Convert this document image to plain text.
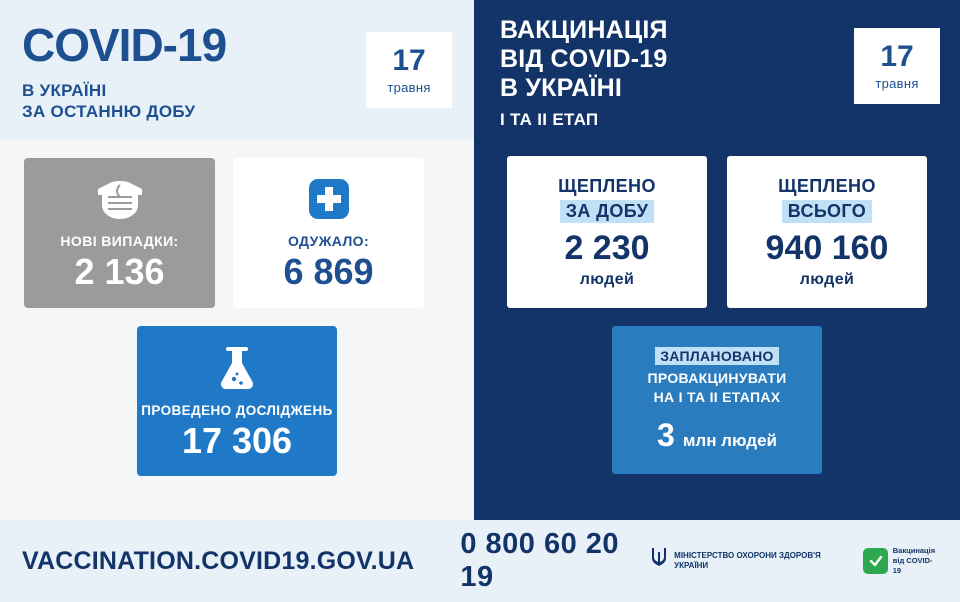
COVID-19
В УКРАЇНІ
ЗА ОСТАННЮ ДОБУ
17
травня
НОВІ ВИПАДКИ:
2 136
ОДУЖАЛО:
6 869
ПРОВЕДЕНО ДОСЛІДЖЕНЬ
17 306
ВАКЦИНАЦІЯ
ВІД COVID-19
В УКРАЇНІ
I ТА II ЕТАП
17
травня
ЩЕПЛЕНО
ЗА ДОБУ
2 230
людей
ЩЕПЛЕНО
ВСЬОГО
940 160
людей
ЗАПЛАНОВАНО
ПРОВАКЦИНУВАТИ
НА I ТА II ЕТАПАХ
3 млн людей
VACCINATION.COVID19.GOV.UA
0 800 60 20 19
МІНІСТЕРСТВО ОХОРОНИ ЗДОРОВ'Я УКРАЇНИ
Вакцинація
від COVID-19
